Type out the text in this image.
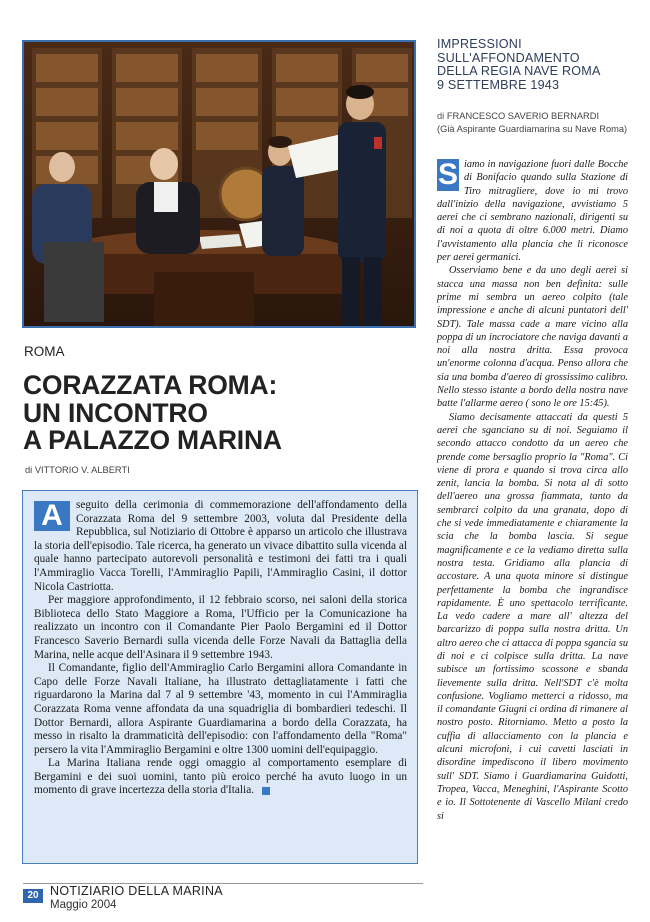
IMPRESSIONI
SULL'AFFONDAMENTO
DELLA REGIA NAVE ROMA
9 SETTEMBRE 1943
di FRANCESCO SAVERIO BERNARDI
(Già Aspirante Guardiamarina su Nave Roma)
ROMA
CORAZZATA ROMA:
UN INCONTRO
A PALAZZO MARINA
di VITTORIO V. ALBERTI

A	seguito della cerimonia di commemorazione dell'affondamento della Corazzata Roma del 9 settembre 2003, voluta dal Presidente della Repubblica, sul Notiziario di Ottobre è apparso un articolo che illustrava la storia dell'episodio. Tale ricerca, ha generato un vivace dibattito sulla vicenda al quale hanno partecipato autorevoli personalità e testimoni dei fatti tra i quali l'Ammiraglio Vacca Torelli, l'Ammiraglio Papili, l'Ammiraglio Casini, il dottor Nicola Castriotta.

Per maggiore approfondimento, il 12 febbraio scorso, nei saloni della storica Biblioteca dello Stato Maggiore a Roma, l'Ufficio per la Comunicazione ha realizzato un incontro con il Comandante Pier Paolo Bergamini ed il Dottor Francesco Saverio Bernardi sulla vicenda delle Forze Navali da Battaglia della Marina, nelle acque dell'Asinara il 9 settembre 1943.

Il Comandante, figlio dell'Ammiraglio Carlo Bergamini allora Comandante in Capo delle Forze Navali Italiane, ha illustrato dettagliatamente i fatti che riguardarono la Marina dal 7 al 9 settembre '43, momento in cui l'Ammiraglia Corazzata Roma venne affondata da una squadriglia di bombardieri tedeschi. Il Dottor Bernardi, allora Aspirante Guardiamarina a bordo della Corazzata, ha messo in risalto la drammaticità dell'episodio: con l'affondamento della "Roma" persero la vita l'Ammiraglio Bergamini e oltre 1300 uomini dell'equipaggio.

La Marina Italiana rende oggi omaggio al comportamento esemplare di Bergamini e dei suoi uomini, tanto più eroico perché ha avuto luogo in un momento di grave incertezza della storia d'Italia.

S iamo in navigazione fuori dalle Bocche di Bonifacio quando sulla Stazione di Tiro mitragliere, dove io mi trovo dall'inizio della navigazione, avvistiamo 5 aerei che ci sembrano nazionali, dirigenti su di noi a quota di oltre 6.000 metri. Diamo l'avvistamento alla plancia che li riconosce per aerei germanici.

Osserviamo bene e da uno degli aerei si stacca una massa non ben definita: sulle prime mi sembra un aereo colpito (tale impressione e anche di alcuni puntatori dell' SDT). Tale massa cade a mare vicino alla poppa di un incrociatore che naviga davanti a noi alla nostra dritta. Essa provoca un'enorme colonna d'acqua. Penso allora che sia una bomba d'aereo di grossissimo calibro. Nello stesso istante a bordo della nostra nave batte l'allarme aereo ( sono le ore 15:45).

Siamo decisamente attaccati da questi 5 aerei che sganciano su di noi. Seguiamo il secondo attacco condotto da un aereo che prende come bersaglio proprio la "Roma". Ci viene di prora e quando si trova circa allo zenit, lancia la bomba. Si nota al di sotto dell'aereo una grossa fiammata, tanto da sembrarci colpito da una granata, dopo di che si vede immediatamente e chiaramente la scia che la bomba lascia. Si segue magnificamente e ce la vediamo diretta sulla nostra testa. Gridiamo alla plancia di accostare. A una quota minore si distingue perfettamente la bomba che ingrandisce rapidamente. È uno spettacolo terrificante. La vedo cadere a mare all' altezza del barcarizzo di poppa sulla nostra dritta. Un altro aereo che ci attacca di poppa sgancia su di noi e ci colpisce sulla dritta. La nave subisce un fortissimo scossone e sbanda lievemente sulla dritta. Nell'SDT c'è molta confusione. Vogliamo metterci a ridosso, ma il comandante Giugni ci ordina di rimanere al nostro posto. Ritorniamo. Metto a posto la cuffia di allacciamento con la plancia e alcuni microfoni, i cui cavetti lasciati in disordine impediscono il libero movimento sull' SDT. Siamo i Guardiamarina Guidotti, Tropea, Vacca, Meneghini, l'Aspirante Scotto e io. Il Sottotenente di Vascello Milani credo si

20 NOTIZIARIO DELLA MARINA
Maggio 2004
